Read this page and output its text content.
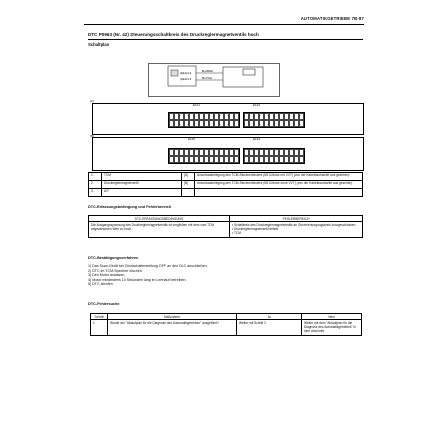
AUTOMATIKGETRIEBE 7B-87
DTC P0963 (Nr. 42) Steuerungsschaltkreis des Druckreglermagnetventils hoch
Schaltplan
[A]E121-6
[A]E121-5
BLU/RED
BLU/YEL
[A]
E121	E122
[B]
E120	E124
1.	TCM	[A]	Anschlussbelegung des TCM-Steckverbinders (M13-Motor mit VVT) (von der Kabelbaumseite aus gesehen)
2.	Druckreglermagnetventil	[B]	Anschlussbelegung des TCM-Steckverbinders (M13-Motor ohne VVT) (von der Kabelbaumseite aus gesehen)
3.	A/T		
DTC-Erfassungsbedingung und Fehlerbereich
DTC-ERFASSUNGSBEDINGUNG	FEHLERBEREICH
Die Ausgangsspannung des Druckreglermagnetventils ist verglichen mit dem vom TCM angewiesenen Wert zu hoch.	• Schaltkreis des Druckreglermagnetventils an Stromversorgungskreis kurzgeschlossen.
• Druckreglermagnetventil defekt.
• TCM
DTC-Bestätigungsverfahren
1) Das Scan-Gerät bei Zündschalterstellung OFF an den DLC anschließen.
2) DTC im TCM-Speicher löschen.
3) Den Motor anlassen.
4) Motor mindestens 10 Sekunden lang im Leerlauf betreiben.
5) DTC abrufen.
DTC-Fehlersuche
Schritt	Maßnahme	Ja	Nein
1	Wurde der "Ablaufplan für die Diagnose des Automatikgetriebes" ausgeführt?	Weiter mit Schritt 2.	Weiter mit dem "Ablaufplan für die Diagnose des Automatikgetriebes" in dem Abschnitt.
